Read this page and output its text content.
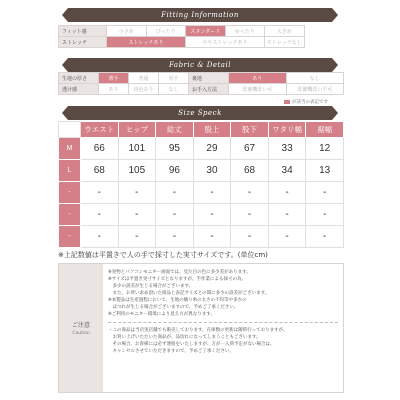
Fitting Information
フィット感	小さめ	ぴったり	スタンダード	ゆったり	大きめ
ストレッチ	ストレッチあり		ややストレッチあり		ストレッチなし
Fabric & Detail
生地の厚さ	薄手	普通	厚手	裏地	あり	なし
透け感	あり	淡色あり	なし	お手入方法	洗濯機洗い可	洗濯機洗い不可
が該当の表記です
Size Speck
	ウエスト	ヒップ	総丈	股上	股下	ワタリ幅	裾幅
M	66	101	95	29	67	33	12
L	68	105	96	30	68	34	13
-	-	-	-	-	-	-	-
-	-	-	-	-	-	-	-
-	-	-	-	-	-	-	-
※上記数値は平置きで人の手で採寸した実寸サイズです。(単位cm)
ご注意
Caution
※実物とパソコンモニター画面では、見た目の色に多少差があります。
※サイズは平置き実寸サイズとなりますが、手作業による採寸の為、
　多少の誤差が生じる場合がございます。
　また、お買い求め頂いた商品と表記サイズとの間に多少の誤差がございます。
※本製品は生産過程において、生地の織り糸の太さの不均等や多少の
　ほつれが生じる場合がございますので、予めご了承ください。
※ご利用のモニター環境により見え方が異なります。
・この商品は当店実店舗でも販売しております。在庫数の更新は随時行っておりますが、
　お買い上げいただいた商品が、品切れになってしまうこともございます。
　その場合、お客様には必ず連絡をいたしますが、万が一入荷予定がない場合は、
　キャンセルさせていただきますので、予めご了承ください。
